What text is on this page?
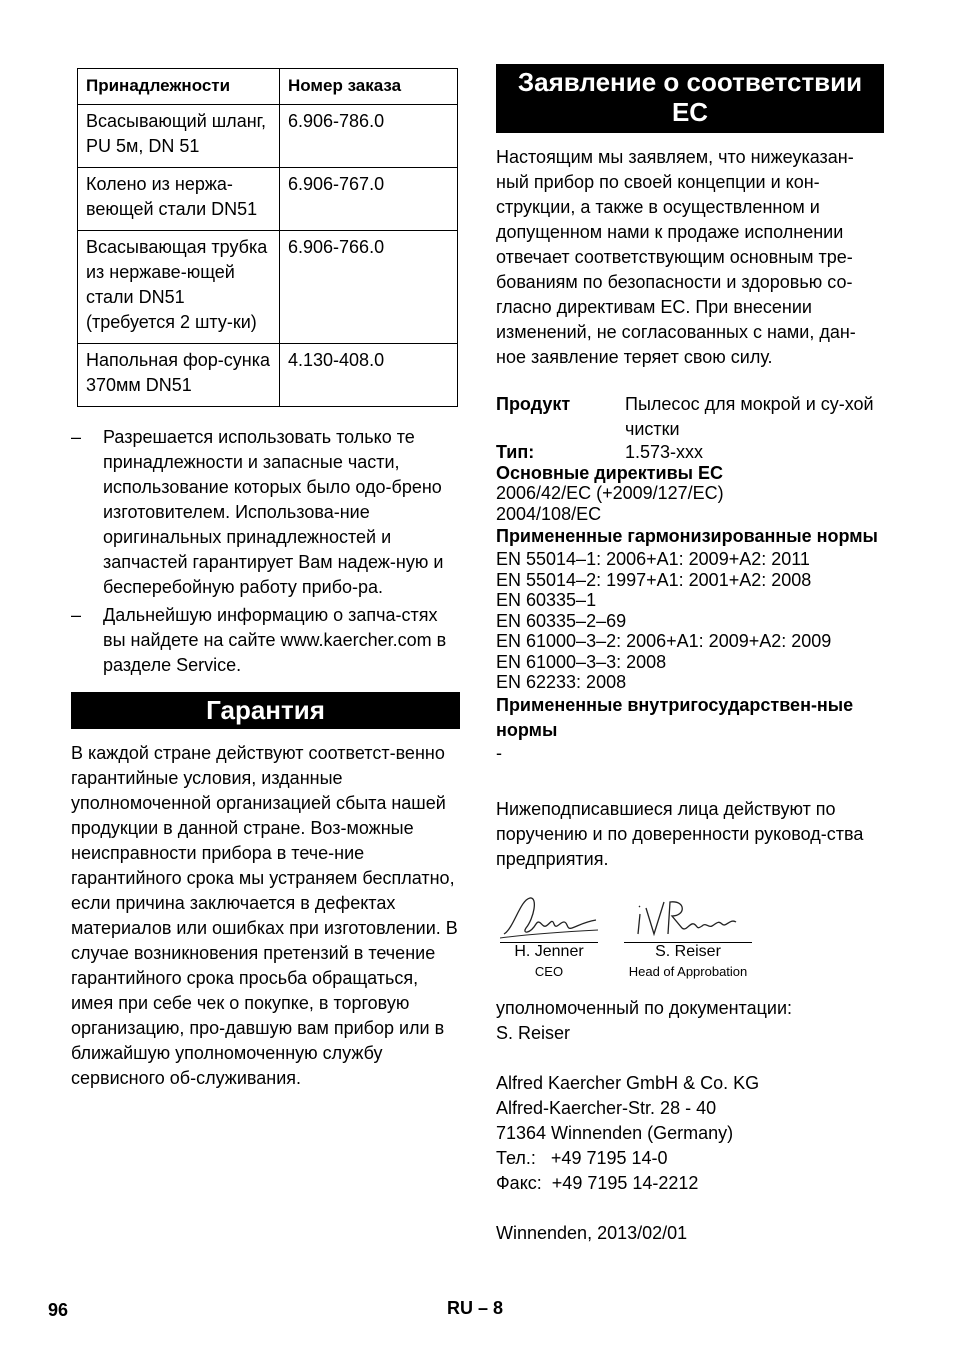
Принадлежности	Номер заказа
Всасывающий шланг, PU 5м, DN 51	6.906-786.0
Колено из нержа-веющей стали DN51	6.906-767.0
Всасывающая трубка из нержаве-ющей стали DN51 (требуется 2 шту-ки)	6.906-766.0
Напольная фор-сунка 370мм DN51	4.130-408.0
– Разрешается использовать только те принадлежности и запасные части, использование которых было одо-брено изготовителем. Использова-ние оригинальных принадлежностей и запчастей гарантирует Вам надеж-ную и бесперебойную работу прибо-ра.
– Дальнейшую информацию о запча-стях вы найдете на сайте www.kaercher.com в разделе Service.
Гарантия

В каждой стране действуют соответст-венно гарантийные условия, изданные уполномоченной организацией сбыта нашей продукции в данной стране. Воз-можные неисправности прибора в тече-ние гарантийного срока мы устраняем бесплатно, если причина заключается в дефектах материалов или ошибках при изготовлении. В случае возникновения претензий в течение гарантийного срока просьба обращаться, имея при себе чек о покупке, в торговую организацию, про-давшую вам прибор или в ближайшую уполномоченную службу сервисного об-служивания.

Заявление о соответствии ЕС

Настоящим мы заявляем, что нижеуказан-ный прибор по своей концепции и кон-струкции, а также в осуществленном и допущенном нами к продаже исполнении отвечает соответствующим основным тре-бованиям по безопасности и здоровью со-гласно директивам ЕС. При внесении изменений, не согласованных с нами, дан-ное заявление теряет свою силу.

Продукт	Пылесос для мокрой и су-хой чистки
Тип:	1.573-xxx
Основные директивы ЕС
2006/42/EC (+2009/127/EC)
2004/108/EC
Примененные гармонизированные нормы
EN 55014–1: 2006+A1: 2009+A2: 2011
EN 55014–2: 1997+A1: 2001+A2: 2008
EN 60335–1
EN 60335–2–69
EN 61000–3–2: 2006+A1: 2009+A2: 2009
EN 61000–3–3: 2008
EN 62233: 2008
Примененные внутригосударствен-ные нормы
-

Нижеподписавшиеся лица действуют по поручению и по доверенности руковод-ства предприятия.

H. Jenner
CEO
S. Reiser
Head of Approbation

уполномоченный по документации:

S. Reiser

Alfred Kaercher GmbH & Co. KG

Alfred-Kaercher-Str. 28 - 40

71364 Winnenden (Germany)

Тел.: +49 7195 14-0

Факс: +49 7195 14-2212

Winnenden, 2013/02/01

96	RU – 8
